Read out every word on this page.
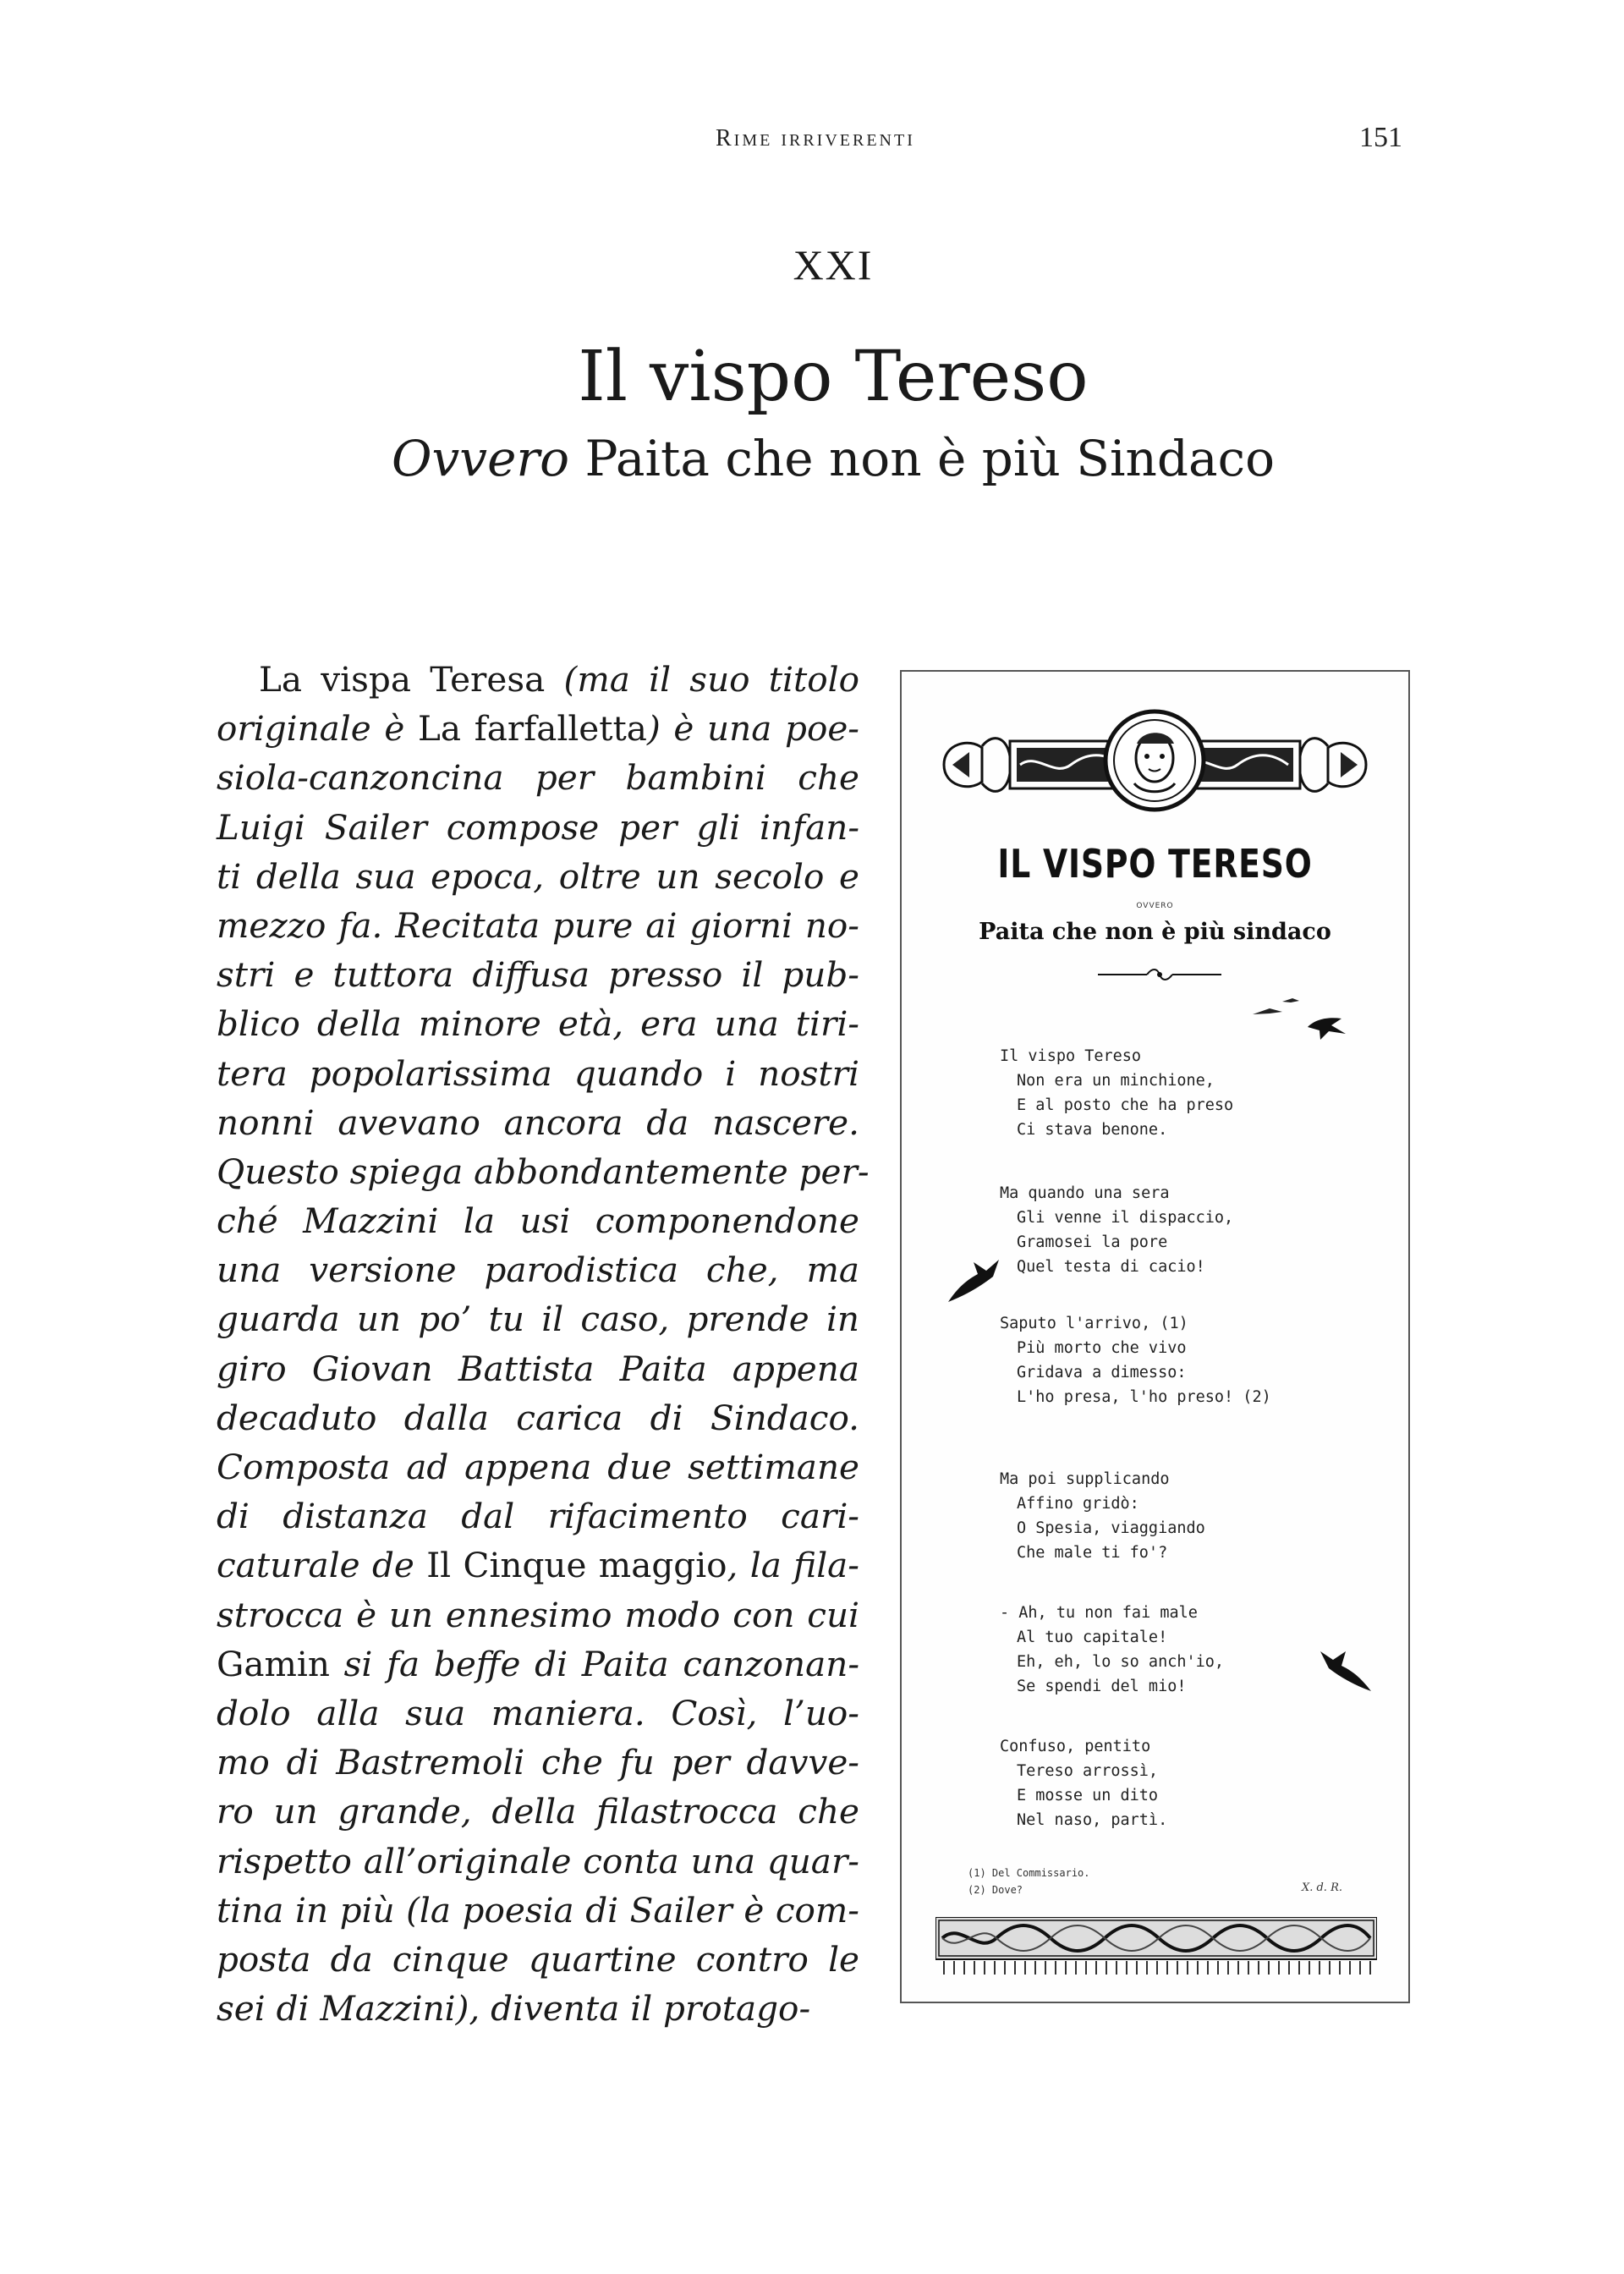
Rime irriverenti	151
XXI
Il vispo Tereso
Ovvero Paita che non è più Sindaco
La vispa Teresa (ma il suo titolo
originale è La farfalletta) è una poe-
siola-canzoncina per bambini che
Luigi Sailer compose per gli infan-
ti della sua epoca, oltre un secolo e
mezzo fa. Recitata pure ai giorni no-
stri e tuttora diffusa presso il pub-
blico della minore età, era una tiri-
tera popolarissima quando i nostri
nonni avevano ancora da nascere.
Questo spiega abbondantemente per-
ché Mazzini la usi componendone
una versione parodistica che, ma
guarda un po’ tu il caso, prende in
giro Giovan Battista Paita appena
decaduto dalla carica di Sindaco.
Composta ad appena due settimane
di distanza dal rifacimento cari-
caturale de Il Cinque maggio, la fila-
strocca è un ennesimo modo con cui
Gamin si fa beffe di Paita canzonan-
dolo alla sua maniera. Così, l’uo-
mo di Bastremoli che fu per davve-
ro un grande, della filastrocca che
rispetto all’originale conta una quar-
tina in più (la poesia di Sailer è com-
posta da cinque quartine contro le
sei di Mazzini), diventa il protago-
IL VISPO TERESO
OVVERO
Paita che non è più sindaco
Il vispo Tereso
Non era un minchione,
E al posto che ha preso
Ci stava benone.
Ma quando una sera
Gli venne il dispaccio,
Gramosei la pore
Quel testa di cacio!
Saputo l'arrivo, (1)
Più morto che vivo
Gridava a dimesso:
L'ho presa, l'ho preso! (2)
Ma poi supplicando
Affino gridò:
O Spesia, viaggiando
Che male ti fo'?
- Ah, tu non fai male
Al tuo capitale!
Eh, eh, lo so anch'io,
Se spendi del mio!
Confuso, pentito
Tereso arrossì,
E mosse un dito
Nel naso, partì.
(1) Del Commissario.
(2) Dove?	X. d. R.
